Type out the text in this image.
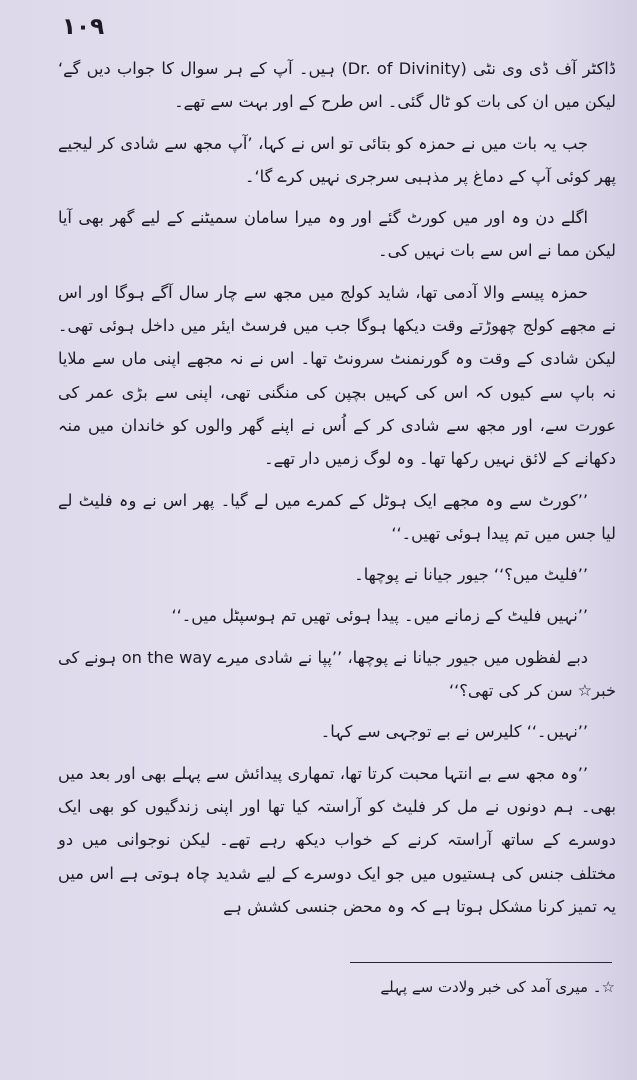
۱۰۹

ڈاکٹر آف ڈی وی نٹی (Dr. of Divinity) ہیں۔ آپ کے ہر سوال کا جواب دیں گے‘ لیکن میں ان کی بات کو ٹال گئی۔ اس طرح کے اور بہت سے تھے۔

جب یہ بات میں نے حمزہ کو بتائی تو اس نے کہا، ’آپ مجھ سے شادی کر لیجیے پھر کوئی آپ کے دماغ پر مذہبی سرجری نہیں کرے گا‘۔

اگلے دن وہ اور میں کورٹ گئے اور وہ میرا سامان سمیٹنے کے لیے گھر بھی آیا لیکن مما نے اس سے بات نہیں کی۔

حمزہ پیسے والا آدمی تھا، شاید کولج میں مجھ سے چار سال آگے ہوگا اور اس نے مجھے کولج چھوڑتے وقت دیکھا ہوگا جب میں فرسٹ ایئر میں داخل ہوئی تھی۔ لیکن شادی کے وقت وہ گورنمنٹ سرونٹ تھا۔ اس نے نہ مجھے اپنی ماں سے ملایا نہ باپ سے کیوں کہ اس کی کہیں بچپن کی منگنی تھی، اپنی سے بڑی عمر کی عورت سے، اور مجھ سے شادی کر کے اُس نے اپنے گھر والوں کو خاندان میں منہ دکھانے کے لائق نہیں رکھا تھا۔ وہ لوگ زمیں دار تھے۔

’’کورٹ سے وہ مجھے ایک ہوٹل کے کمرے میں لے گیا۔ پھر اس نے وہ فلیٹ لے لیا جس میں تم پیدا ہوئی تھیں۔‘‘

’’فلیٹ میں؟‘‘ جیور جیانا نے پوچھا۔

’’نہیں فلیٹ کے زمانے میں۔ پیدا ہوئی تھیں تم ہوسپٹل میں۔‘‘

دبے لفظوں میں جیور جیانا نے پوچھا، ’’پپا نے شادی میرے on the way ہونے کی خبر☆ سن کر کی تھی؟‘‘

’’نہیں۔‘‘ کلیرس نے بے توجہی سے کہا۔

’’وہ مجھ سے بے انتہا محبت کرتا تھا، تمھاری پیدائش سے پہلے بھی اور بعد میں بھی۔ ہم دونوں نے مل کر فلیٹ کو آراستہ کیا تھا اور اپنی زندگیوں کو بھی ایک دوسرے کے ساتھ آراستہ کرنے کے خواب دیکھ رہے تھے۔ لیکن نوجوانی میں دو مختلف جنس کی ہستیوں میں جو ایک دوسرے کے لیے شدید چاہ ہوتی ہے اس میں یہ تمیز کرنا مشکل ہوتا ہے کہ وہ محض جنسی کشش ہے

☆۔ میری آمد کی خبر ولادت سے پہلے
